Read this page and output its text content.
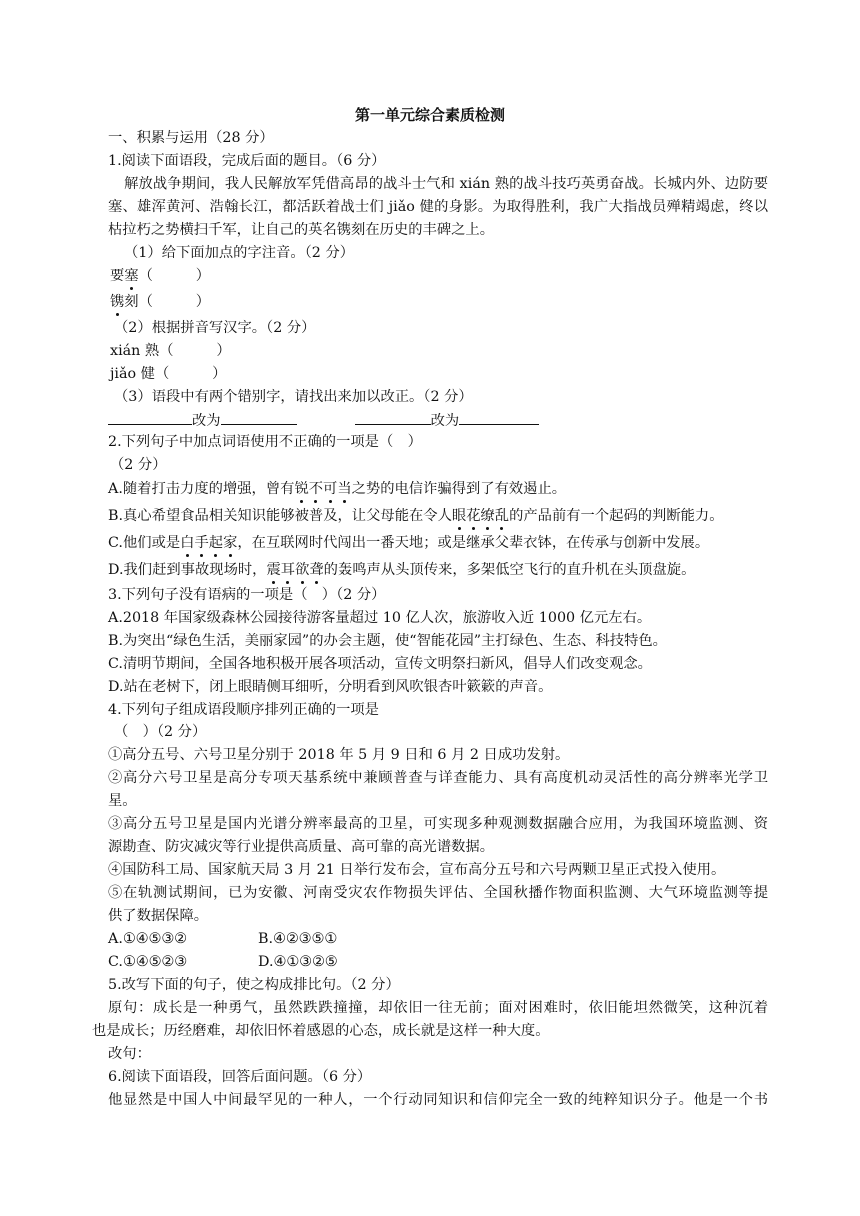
第一单元综合素质检测
一、积累与运用（28 分）
1.阅读下面语段，完成后面的题目。（6 分）
解放战争期间，我人民解放军凭借高昂的战斗士气和 xián 熟的战斗技巧英勇奋战。长城内外、边防要
塞、雄浑黄河、浩翰长江，都活跃着战士们 jiǎo 健的身影。为取得胜利，我广大指战员殚精竭虑，终以
枯拉朽之势横扫千军，让自己的英名镌刻在历史的丰碑之上。
（1）给下面加点的字注音。（2 分）
要塞（　　　）
镌刻（　　　）
（2）根据拼音写汉字。（2 分）
xián 熟（　　　）
jiǎo 健（　　　）
（3）语段中有两个错别字，请找出来加以改正。（2 分）
改为	改为
2.下列句子中加点词语使用不正确的一项是（　）
（2 分）
A.随着打击力度的增强，曾有锐不可当之势的电信诈骗得到了有效遏止。
B.真心希望食品相关知识能够被普及，让父母能在令人眼花缭乱的产品前有一个起码的判断能力。
C.他们或是白手起家，在互联网时代闯出一番天地；或是继承父辈衣钵，在传承与创新中发展。
D.我们赶到事故现场时，震耳欲聋的轰鸣声从头顶传来，多架低空飞行的直升机在头顶盘旋。
3.下列句子没有语病的一项是（　）（2 分）
A.2018 年国家级森林公园接待游客量超过 10 亿人次，旅游收入近 1000 亿元左右。
B.为突出“绿色生活，美丽家园”的办会主题，使“智能花园”主打绿色、生态、科技特色。
C.清明节期间，全国各地积极开展各项活动，宣传文明祭扫新风，倡导人们改变观念。
D.站在老树下，闭上眼睛侧耳细听，分明看到风吹银杏叶簌簌的声音。
4.下列句子组成语段顺序排列正确的一项是
（　）（2 分）
①高分五号、六号卫星分别于 2018 年 5 月 9 日和 6 月 2 日成功发射。
②高分六号卫星是高分专项天基系统中兼顾普查与详查能力、具有高度机动灵活性的高分辨率光学卫
星。
③高分五号卫星是国内光谱分辨率最高的卫星，可实现多种观测数据融合应用，为我国环境监测、资
源勘查、防灾减灾等行业提供高质量、高可靠的高光谱数据。
④国防科工局、国家航天局 3 月 21 日举行发布会，宣布高分五号和六号两颗卫星正式投入使用。
⑤在轨测试期间，已为安徽、河南受灾农作物损失评估、全国秋播作物面积监测、大气环境监测等提
供了数据保障。
A.①④⑤③②	B.④②③⑤①
C.①④⑤②③	D.④①③②⑤
5.改写下面的句子，使之构成排比句。（2 分）
原句：成长是一种勇气，虽然跌跌撞撞，却依旧一往无前；面对困难时，依旧能坦然微笑，这种沉着
也是成长；历经磨难，却依旧怀着感恩的心态，成长就是这样一种大度。
改句：
6.阅读下面语段，回答后面问题。（6 分）
他显然是中国人中间最罕见的一种人，一个行动同知识和信仰完全一致的纯粹知识分子。他是一个书
